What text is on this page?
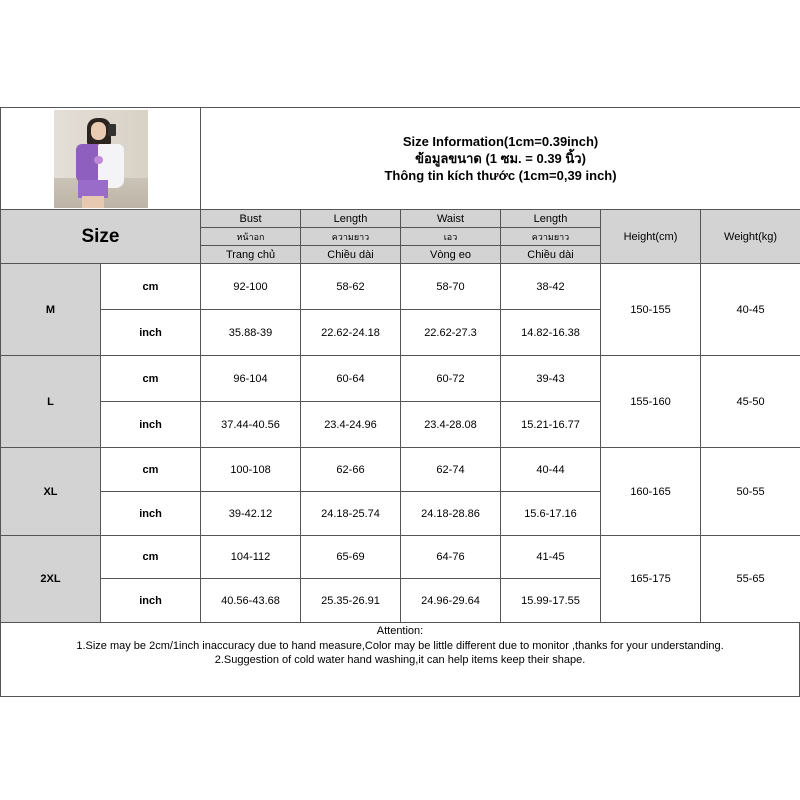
		Size Information(1cm=0.39inch)
ข้อมูลขนาด (1 ซม. = 0.39 นิ้ว)
Thông tin kích thước (1cm=0,39 inch)					

Size		Bust	Length	Waist	Length	Height(cm)	Weight(kg)
		หน้าอก	ความยาว	เอว	ความยาว		
		Trang chủ	Chiều dài	Vòng eo	Chiều dài		
M	cm	92-100	58-62	58-70	38-42	150-155	40-45
	inch	35.88-39	22.62-24.18	22.62-27.3	14.82-16.38		
L	cm	96-104	60-64	60-72	39-43	155-160	45-50
	inch	37.44-40.56	23.4-24.96	23.4-28.08	15.21-16.77		
XL	cm	100-108	62-66	62-74	40-44	160-165	50-55
	inch	39-42.12	24.18-25.74	24.18-28.86	15.6-17.16		
2XL	cm	104-112	65-69	64-76	41-45	165-175	55-65
	inch	40.56-43.68	25.35-26.91	24.96-29.64	15.99-17.55		
Attention:
1.Size may be 2cm/1inch inaccuracy due to hand measure,Color may be little different due to monitor ,thanks for your understanding.
2.Suggestion of cold water hand washing,it can help items keep their shape.
